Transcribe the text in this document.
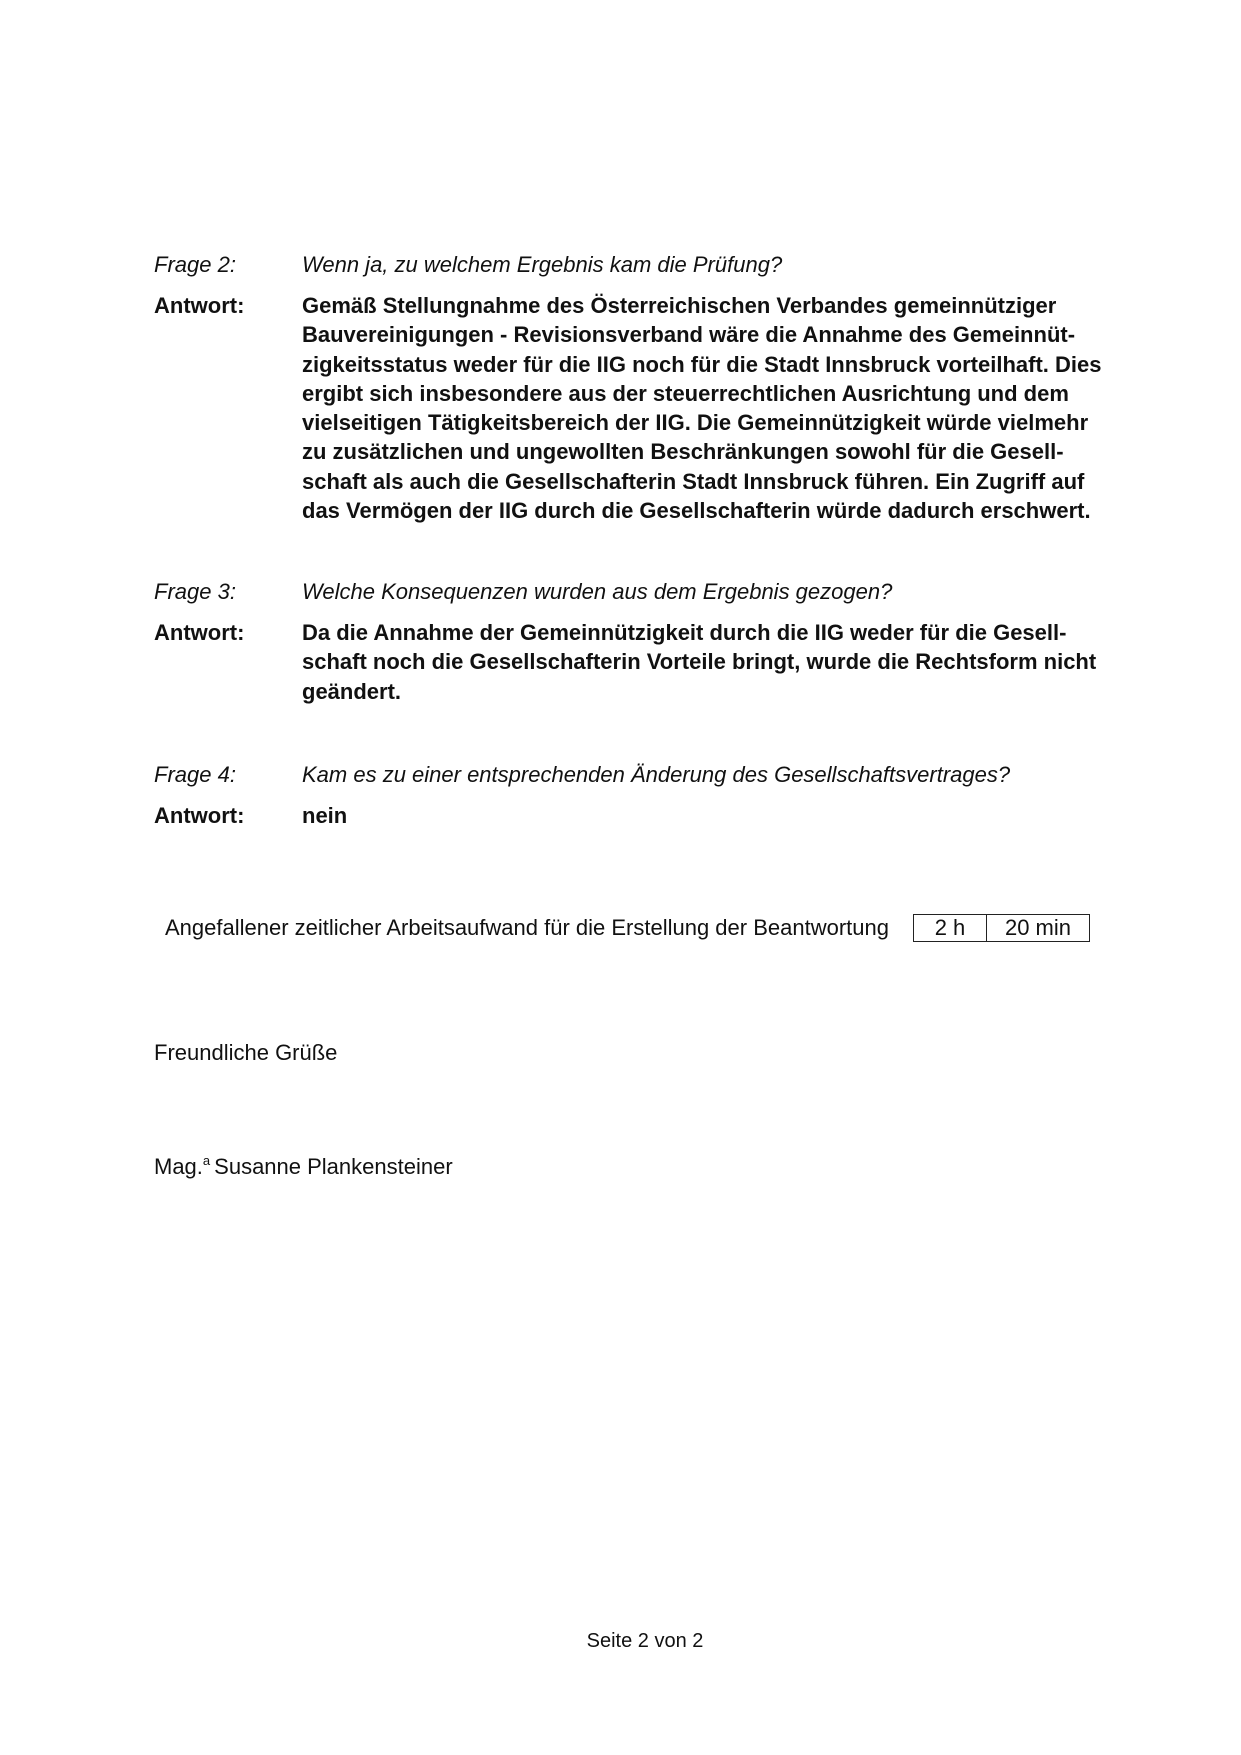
Frage 2:	Wenn ja, zu welchem Ergebnis kam die Prüfung?
Antwort:	Gemäß Stellungnahme des Österreichischen Verbandes gemeinnütziger
Bauvereinigungen - Revisionsverband wäre die Annahme des Gemeinnüt-
zigkeitsstatus weder für die IIG noch für die Stadt Innsbruck vorteilhaft. Dies
ergibt sich insbesondere aus der steuerrechtlichen Ausrichtung und dem
vielseitigen Tätigkeitsbereich der IIG. Die Gemeinnützigkeit würde vielmehr
zu zusätzlichen und ungewollten Beschränkungen sowohl für die Gesell-
schaft als auch die Gesellschafterin Stadt Innsbruck führen. Ein Zugriff auf
das Vermögen der IIG durch die Gesellschafterin würde dadurch erschwert.
Frage 3:	Welche Konsequenzen wurden aus dem Ergebnis gezogen?
Antwort:	Da die Annahme der Gemeinnützigkeit durch die IIG weder für die Gesell-
schaft noch die Gesellschafterin Vorteile bringt, wurde die Rechtsform nicht
geändert.
Frage 4:	Kam es zu einer entsprechenden Änderung des Gesellschaftsvertrages?
Antwort:	nein
Angefallener zeitlicher Arbeitsaufwand für die Erstellung der Beantwortung	2 h	20 min
Freundliche Grüße
Mag.$^a$ Susanne Plankensteiner
Seite 2 von 2
